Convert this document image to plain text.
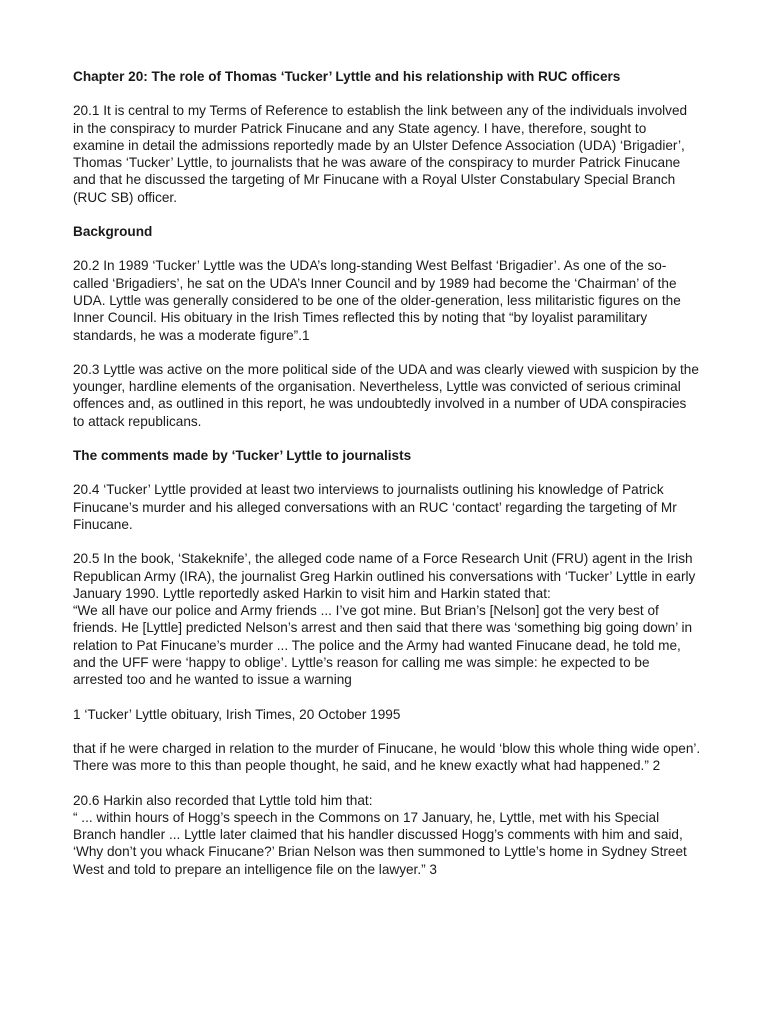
Chapter 20: The role of Thomas ‘Tucker’ Lyttle and his relationship with RUC officers

20.1 It is central to my Terms of Reference to establish the link between any of the individuals involved in the conspiracy to murder Patrick Finucane and any State agency. I have, therefore, sought to examine in detail the admissions reportedly made by an Ulster Defence Association (UDA) ‘Brigadier’, Thomas ‘Tucker’ Lyttle, to journalists that he was aware of the conspiracy to murder Patrick Finucane and that he discussed the targeting of Mr Finucane with a Royal Ulster Constabulary Special Branch (RUC SB) officer.

Background

20.2 In 1989 ‘Tucker’ Lyttle was the UDA’s long-standing West Belfast ‘Brigadier’. As one of the so-called ‘Brigadiers’, he sat on the UDA’s Inner Council and by 1989 had become the ‘Chairman’ of the UDA. Lyttle was generally considered to be one of the older-generation, less militaristic figures on the Inner Council. His obituary in the Irish Times reflected this by noting that “by loyalist paramilitary standards, he was a moderate figure”.1

20.3 Lyttle was active on the more political side of the UDA and was clearly viewed with suspicion by the younger, hardline elements of the organisation. Nevertheless, Lyttle was convicted of serious criminal offences and, as outlined in this report, he was undoubtedly involved in a number of UDA conspiracies to attack republicans.

The comments made by ‘Tucker’ Lyttle to journalists

20.4 ‘Tucker’ Lyttle provided at least two interviews to journalists outlining his knowledge of Patrick Finucane’s murder and his alleged conversations with an RUC ‘contact’ regarding the targeting of Mr Finucane.

20.5 In the book, ‘Stakeknife’, the alleged code name of a Force Research Unit (FRU) agent in the Irish Republican Army (IRA), the journalist Greg Harkin outlined his conversations with ‘Tucker’ Lyttle in early January 1990. Lyttle reportedly asked Harkin to visit him and Harkin stated that:

“We all have our police and Army friends ... I’ve got mine. But Brian’s [Nelson] got the very best of friends. He [Lyttle] predicted Nelson’s arrest and then said that there was ‘something big going down’ in relation to Pat Finucane’s murder ... The police and the Army had wanted Finucane dead, he told me, and the UFF were ‘happy to oblige’. Lyttle’s reason for calling me was simple: he expected to be arrested too and he wanted to issue a warning

1 ‘Tucker’ Lyttle obituary, Irish Times, 20 October 1995

that if he were charged in relation to the murder of Finucane, he would ‘blow this whole thing wide open’. There was more to this than people thought, he said, and he knew exactly what had happened.” 2

20.6 Harkin also recorded that Lyttle told him that:

“ ... within hours of Hogg’s speech in the Commons on 17 January, he, Lyttle, met with his Special Branch handler ... Lyttle later claimed that his handler discussed Hogg’s comments with him and said, ‘Why don’t you whack Finucane?’ Brian Nelson was then summoned to Lyttle’s home in Sydney Street West and told to prepare an intelligence file on the lawyer.” 3
